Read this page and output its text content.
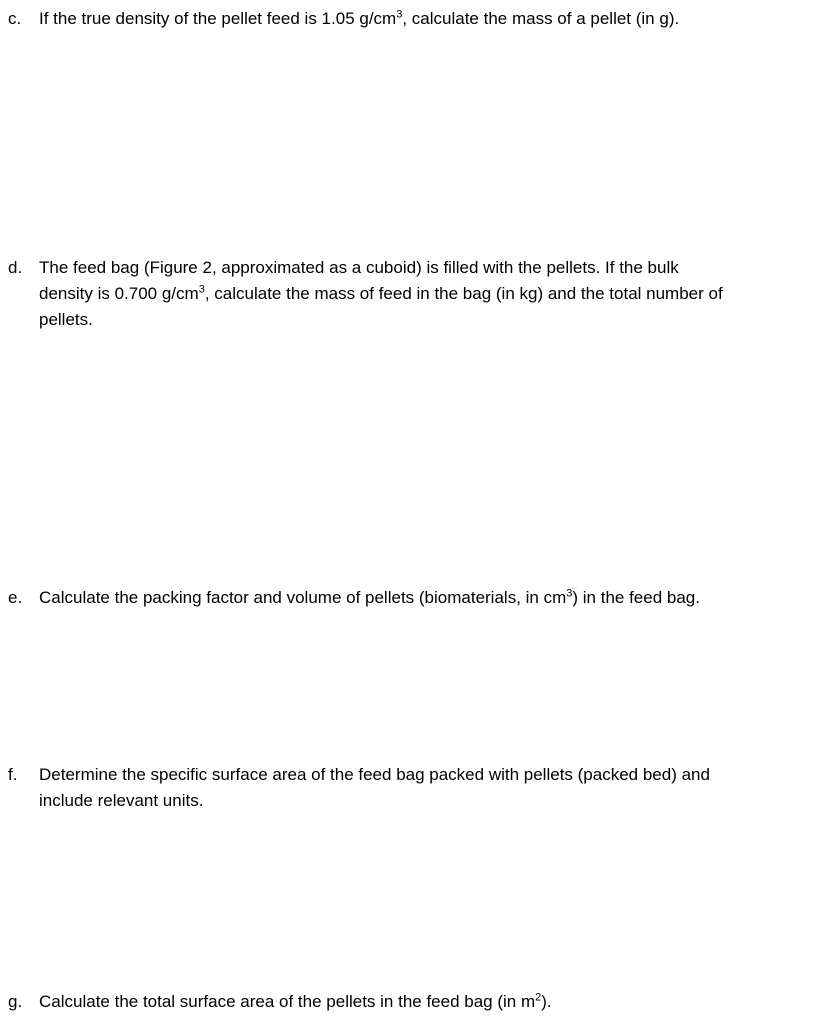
c.	If the true density of the pellet feed is 1.05 $g/cm^3$, calculate the mass of a pellet (in g).
d. The feed bag (Figure 2, approximated as a cuboid) is filled with the pellets. If the bulk
density is 0.700 $g/cm^3$, calculate the mass of feed in the bag (in kg) and the total number of
pellets.
e. Calculate the packing factor and volume of pellets (biomaterials, in $cm^3$) in the feed bag.
f.	Determine the specific surface area of the feed bag packed with pellets (packed bed) and
include relevant units.
g. Calculate the total surface area of the pellets in the feed bag (in $m^2$).
